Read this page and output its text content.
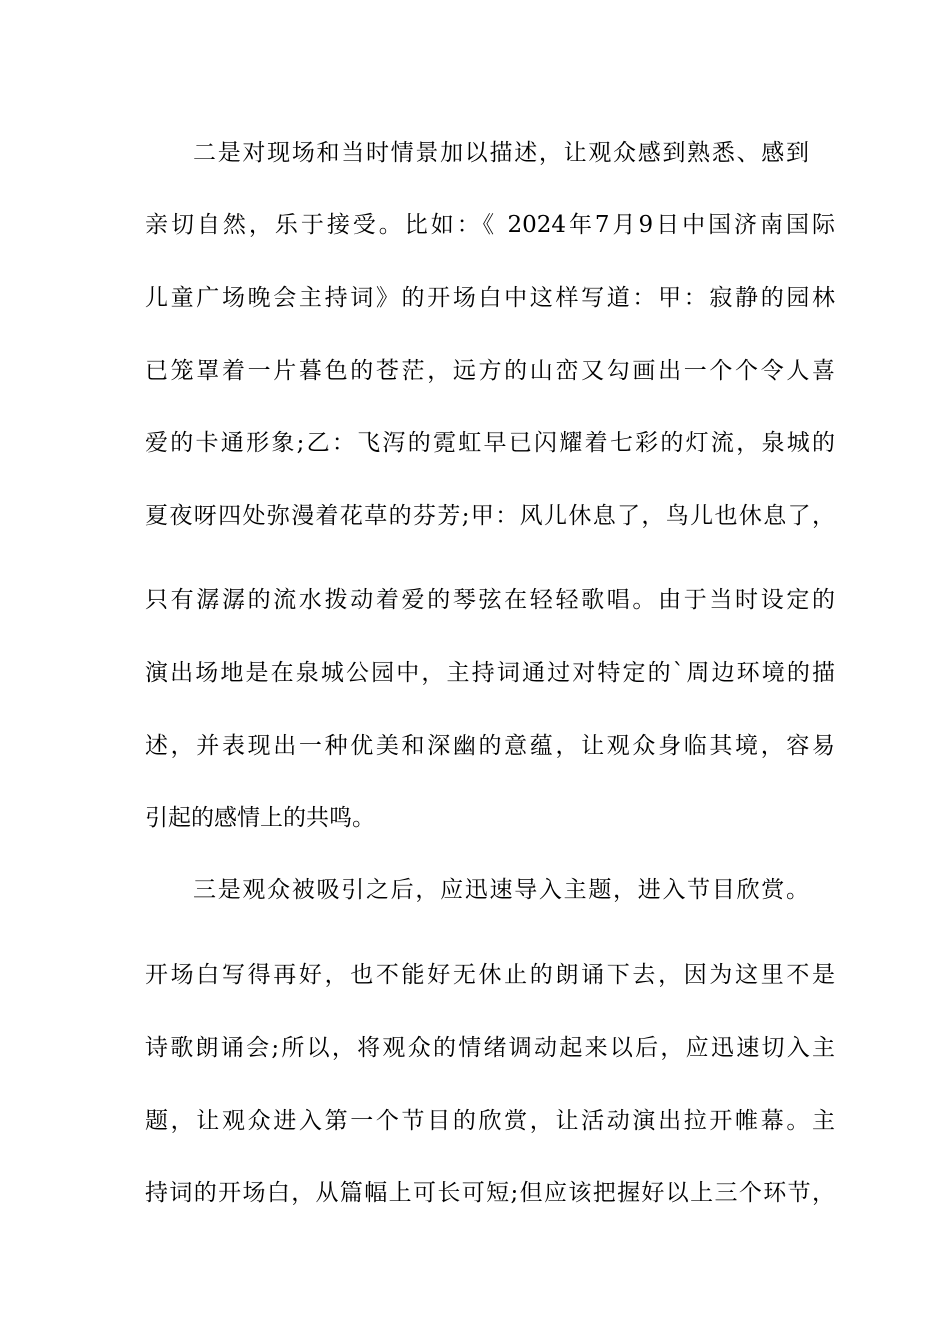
二是对现场和当时情景加以描述，让观众感到熟悉、感到
亲切自然，乐于接受。比如：《 2024年7月9日中国济南国际
儿童广场晚会主持词》的开场白中这样写道：甲：寂静的园林
已笼罩着一片暮色的苍茫，远方的山峦又勾画出一个个令人喜
爱的卡通形象;乙：飞泻的霓虹早已闪耀着七彩的灯流，泉城的
夏夜呀四处弥漫着花草的芬芳;甲：风儿休息了，鸟儿也休息了，
只有潺潺的流水拨动着爱的琴弦在轻轻歌唱。由于当时设定的
演出场地是在泉城公园中，主持词通过对特定的`周边环境的描
述，并表现出一种优美和深幽的意蕴，让观众身临其境，容易
引起的感情上的共鸣。
三是观众被吸引之后，应迅速导入主题，进入节目欣赏。
开场白写得再好，也不能好无休止的朗诵下去，因为这里不是
诗歌朗诵会;所以，将观众的情绪调动起来以后，应迅速切入主
题，让观众进入第一个节目的欣赏，让活动演出拉开帷幕。主
持词的开场白，从篇幅上可长可短;但应该把握好以上三个环节，
